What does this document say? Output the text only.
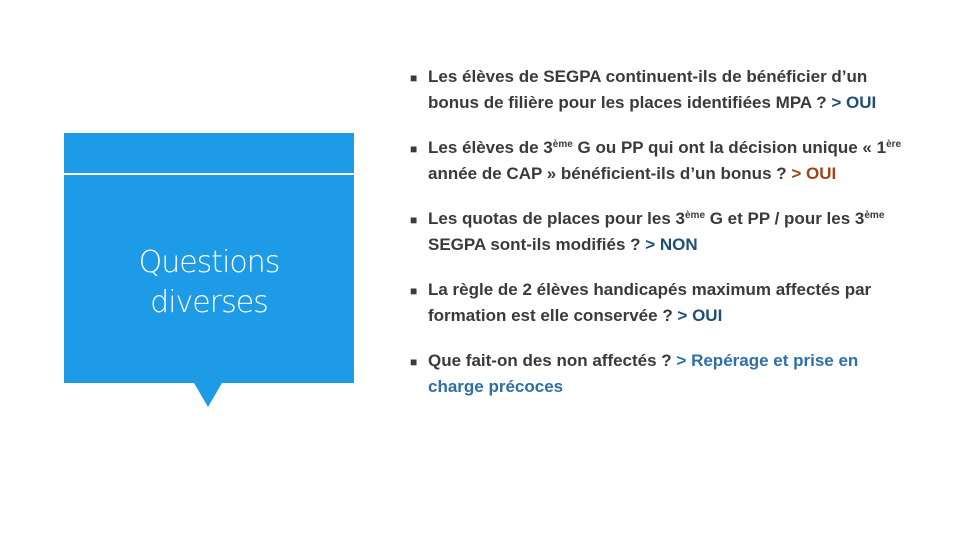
Questions
diverses
■ Les élèves de SEGPA continuent-ils de bénéficier d’un bonus de filière pour les places identifiées MPA ? > OUI
■ Les élèves de 3ème G ou PP qui ont la décision unique « 1ère année de CAP » bénéficient-ils d’un bonus ? > OUI
■ Les quotas de places pour les 3ème G et PP / pour les 3ème SEGPA sont-ils modifiés ? > NON
■ La règle de 2 élèves handicapés maximum affectés par formation est elle conservée ? > OUI
■ Que fait-on des non affectés ? > Repérage et prise en charge précoces
